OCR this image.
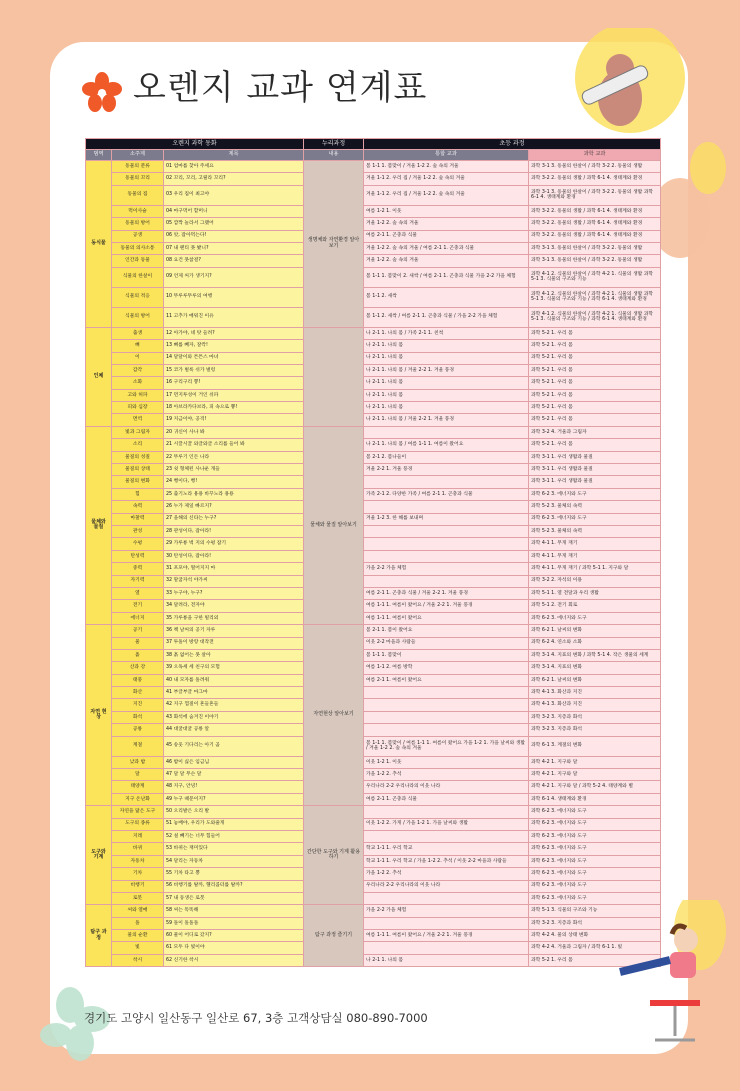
오렌지 교과 연계표
오렌지 과학 동화			누리과정	초등 과정	
범역	소주제	제목	내용	통합 교과	과학 교과
동식물	동물의 분류	01 엄마를 찾아 주세요	생명체와 자연환경 알아보기	봄 1-1 1. 봄맞이 / 겨울 1-2 2. 숲 속의 겨울	과학 3-1 3. 동물의 한살이 / 과학 3-2 2. 동물의 생활
	동물의 꼬리	02 꼬리, 꼬리, 고릴라 꼬리?		겨울 1-1 2. 우리 집 / 겨울 1-2 2. 숲 속의 겨울	과학 3-2 2. 동물의 생활 / 과학 6-1 4. 생태계와 환경
	동물의 집	03 우리 집이 최고야		겨울 1-1 2. 우리 집 / 겨울 1-2 2. 숲 속의 겨울	과학 3-1 3. 동물의 한살이 / 과학 3-2 2. 동물의 생활 과학 6-1 4. 생태계와 환경
	먹이사슬	04 마구먹어 할머니		여름 1-2 1. 이웃	과학 3-2 2. 동물의 생활 / 과학 6-1 4. 생태계와 환경
	동물의 방어	05 깜짝 놀라서 그랬어		겨울 1-2 2. 숲 속의 겨울	과학 3-2 2. 동물의 생활 / 과학 6-1 4. 생태계와 환경
	공생	06 앗, 잡아먹는다!		여름 2-1 1. 곤충과 식물	과학 3-2 2. 동물의 생활 / 과학 6-1 4. 생태계와 환경
	동물의 의사소통	07 내 팬티 못 봤니?		겨울 1-2 2. 숲 속의 겨울 / 여름 2-1 1. 곤충과 식물	과학 3-1 3. 동물의 한살이 / 과학 3-2 2. 동물의 생활
	인간과 동물	08 요건 못참걸?		겨울 1-2 2. 숲 속의 겨울	과학 3-1 3. 동물의 한살이 / 과학 3-2 2. 동물의 생활
	식물의 한살이	09 언제 씨가 생기지?		봄 1-1 1. 봄맞이 2. 새싹 / 여름 2-1 1. 곤충과 식물 가을 2-2 가을 체험	과학 4-1 2. 식물의 한살이 / 과학 4-2 1. 식물의 생활 과학 5-1 3. 식물의 구조와 기능
	식물의 적응	10 뚜루루뚜루의 여행		봄 1-1 2. 새싹	과학 4-1 2. 식물의 한살이 / 과학 4-2 1. 식물의 생활 과학 5-1 3. 식물의 구조와 기능 / 과학 6-1 4. 생태계와 환경
	식물의 방어	11 고추가 매워진 이유		봄 1-1 2. 새싹 / 여름 2-1 1. 곤충과 식물 / 가을 2-2 가을 체험	과학 4-1 2. 식물의 한살이 / 과학 4-2 1. 식물의 생활 과학 5-1 3. 식물의 구조와 기능 / 과학 6-1 4. 생태계와 환경
인체	출생	12 아가야, 네 탓 들려?		나 2-1 1. 나의 몸 / 가족 2-1 1. 친척	과학 5-2 1. 우리 몸
	뼈	13 뼈를 빼자, 잘칵!		나 2-1 1. 나의 몸	과학 5-2 1. 우리 몸
	이	14 달달이와 튼튼스 마녀		나 2-1 1. 나의 몸	과학 5-2 1. 우리 몸
	감각	15 코가 벌룩 쉬가 벌렁		나 2-1 1. 나의 몸 / 겨울 2-2 1. 겨울 풍경	과학 5-2 1. 우리 몸
	소화	16 구리구리 뿡!		나 2-1 1. 나의 몸	과학 5-2 1. 우리 몸
	고와 허파	17 먼지투성이 거인 쉬파		나 2-1 1. 나의 몸	과학 5-2 1. 우리 몸
	피와 심장	18 아브라카다브라, 피 속으로 뿅!		나 2-1 1. 나의 몸	과학 5-2 1. 우리 몸
	면역	19 지금이야, 공격!		나 2-1 1. 나의 몸 / 겨울 2-2 1. 겨울 풍경	과학 5-2 1. 우리 몸
물체와 물질	빛과 그림자	20 귀신이 사나 봐	물체와 물질 알아보기		과학 3-2 4. 거울과 그림자
	소리	21 시끌시끌 와글와글 소리를 들어 봐		나 2-1 1. 나의 몸 / 여름 1-1 1. 여름이 왔어요	과학 5-2 1. 우리 몸
	물질의 성질	22 뚜루기 인돈 나라		봄 2-1 2. 봄나들이	과학 3-1 1. 우리 생활과 물질
	물질의 상태	23 쉿 형체된 사나운 개들		겨울 2-2 1. 겨울 풍경	과학 3-1 1. 우리 생활과 물질
	물질의 변화	24 뻥이다, 뻥!			과학 3-1 1. 우리 생활과 물질
	힘	25 출기노라 용용 바꾸노라 용용		가족 2-1 2. 다양한 가족 / 여름 2-1 1. 곤충과 식물	과학 6-2 3. 에너지와 도구
	속력	26 누가 제일 빠르지?			과학 5-2 3. 물체의 속력
	마찰력	27 을해의 신타는 누구?		겨울 1-2 3. 한 해를 보내며	과학 6-2 3. 에너지와 도구
	관성	28 관성이다, 잡아라!			과학 5-2 3. 물체의 속력
	수평	29 가루룡 벅 지의 수평 잡기			과학 4-1 1. 무게 재기
	탄성력	30 탄성이다, 잡아라!			과학 4-1 1. 무게 재기
	중력	31 포포야, 떨어지지 마		가을 2-2 가을 체험	과학 4-1 1. 무게 재기 / 과학 5-1 1. 지구와 달
	자기력	32 말굽자석 야가씨			과학 3-2 2. 자석의 이용
	열	33 누구야, 누구?		여름 2-1 1. 곤충과 식물 / 겨울 2-2 1. 겨울 풍경	과학 5-1 1. 열 전달과 우리 생활
	전기	34 달려라, 전자야		여름 1-1 1. 여름이 왔어요 / 겨울 2-2 1. 겨울 풍경	과학 5-1 2. 전기 회로
	에너지	35 가루룡을 구한 빌리외		여름 1-1 1. 여름이 왔어요	과학 6-2 3. 에너지와 도구
자연 현상	공기	36 책 날씨의 공기 자루	자연현상 알아보기	봄 2-1 1. 봄이 왔어요	과학 6-2 1. 날씨의 변화
	물	37 투돌이 방랑 대작전		이웃 2-2 마을과 사람들	과학 6-2 4. 연소와 소화
	흙	38 흙 없어는 못 살아		봄 1-1 1. 봄맞이	과학 3-1 4. 지표의 변화 / 과학 5-1 4. 작은 생물의 세계
	산과 강	39 오독셰 세 친구의 모험		여름 1-1 2. 여름 방학	과학 3-1 4. 지표의 변화
	태풍	40 내 모자를 돌려줘		여름 2-1 1. 여름이 왔어요	과학 6-2 1. 날씨의 변화
	화산	41 부글부글 마그마			과학 4-1 3. 화산과 지진
	지진	42 지구 껍질이 흔들흔들			과학 4-1 3. 화산과 지진
	화석	43 화석에 숨겨진 이야기			과학 3-2 3. 지층과 화석
	공룡	44 대굴대굴 공룡 알			과학 3-2 3. 지층과 화석
	계절	45 송웃 기다리는 아기 곰		봄 1-1 1. 봄맞이 / 여름 1-1 1. 여름이 왔어요 가을 1-2 1. 가을 날씨와 생활 / 겨울 1-2 2. 숲 속의 겨울	과학 6-1 3. 계절의 변화
	낮과 밤	46 밤이 싫은 임금님		이웃 1-2 1. 이웃	과학 4-2 1. 지구와 달
	달	47 달 달 무슨 달		가을 1-2 2. 추석	과학 4-2 1. 지구와 달
	태양계	48 지구, 안녕!		우리나라 2-2 우리나라의 이웃 나라	과학 4-2 1. 지구와 달 / 과학 5-2 4. 태양계와 별
	지구 온난화	49 누구 때문이지?		여름 2-1 1. 곤충과 식물	과학 6-1 4. 생태계와 환경
도구와 기계	자연을 닮은 도구	50 오리발은 오리 발	간단한 도구와 기계 활용하기		과학 6-2 3. 에너지와 도구
	도구의 종류	51 놓배야, 우리가 도와줄게		이웃 1-2 2. 가게 / 가을 1-2 1. 가을 날씨와 생활	과학 6-2 3. 에너지와 도구
	지레	52 설 빼기는 너무 힘들어			과학 6-2 3. 에너지와 도구
	바퀴	53 바퀴는 재미있다		학교 1-1 1. 우리 학교	과학 6-2 3. 에너지와 도구
	자동차	54 달리는 자동차		학교 1-1 1. 우리 학교 / 가을 1-2 2. 추석 / 이웃 2-2 마을과 사람들	과학 6-2 3. 에너지와 도구
	기차	55 기차 타고 뿡		가을 1-2 2. 추석	과학 6-2 3. 에너지와 도구
	비행기	56 비행기를 탈까, 헬리콥터를 탈까?		우리나라 2-2 우리나라의 이웃 나라	과학 6-2 3. 에너지와 도구
	로봇	57 내 동생은 로봇			과학 6-2 3. 에너지와 도구
탐구 과정	씨와 열매	58 씨는 똑똑해	탐구 과정 즐기기	가을 2-2 가을 체험	과학 5-1 3. 식물의 구조와 기능
	돌	59 돌이 돌돌돌			과학 3-2 3. 지층과 화석
	물의 순환	60 물이 어디로 갔지?		여름 1-1 1. 여름이 왔어요 / 겨울 2-2 1. 겨울 풍경	과학 4-2 4. 물의 상태 변화
	빛	61 모두 다 빛이야			과학 4-2 4. 거울과 그림자 / 과학 6-1 1. 빛
	착시	62 신기한 착시		나 2-1 1. 나의 몸	과학 5-2 1. 우리 몸
경기도 고양시 일산동구 일산로 67, 3층 고객상담실 080-890-7000
